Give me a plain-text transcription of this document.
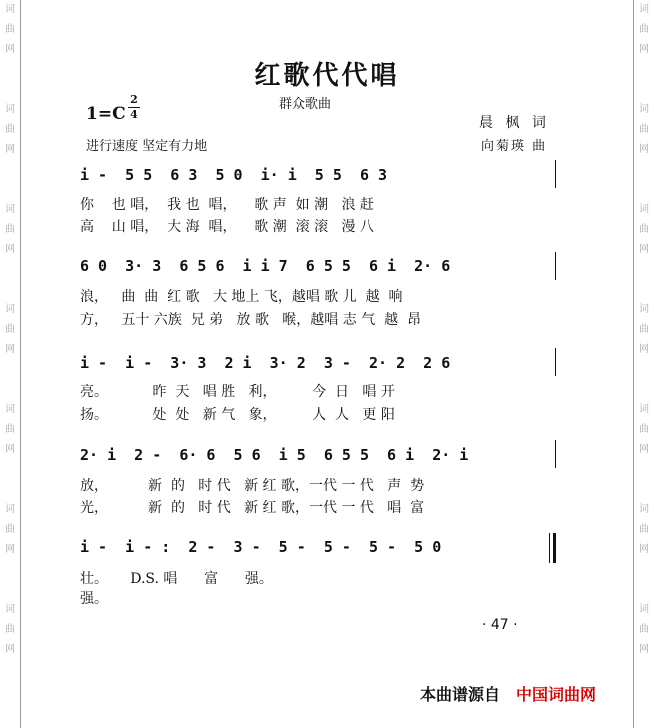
词
曲
网

词
曲
网

词
曲
网

词
曲
网

词
曲
网

词
曲
网

词
曲
网
词
曲
网

词
曲
网

词
曲
网

词
曲
网

词
曲
网

词
曲
网

词
曲
网
红歌代代唱
群众歌曲
1=C
2
4
晨 枫 词
向菊瑛 曲
进行速度 坚定有力地
i -  5 5  6 3  5 0  i· i  5 5  6 3
你    也 唱，  我 也  唱，    歌 声  如 潮   浪 赶
高    山 唱，  大 海  唱，    歌 潮  滚 滚   漫 八
6 0  3· 3  6 5 6  i i 7  6 5 5  6 i  2· 6
浪，   曲  曲  红 歌   大 地上 飞，越唱 歌 儿  越  响
方，   五十 六族  兄 弟   放 歌   喉，越唱 志 气  越  昂
i -  i -  3· 3  2 i  3· 2  3 -  2· 2  2 6
亮。          昨  天   唱 胜   利，        今  日   唱 开
扬。          处  处   新 气   象，        人  人   更 阳
2· i  2 -  6· 6  5 6  i 5  6 5 5  6 i  2· i
放，         新  的   时 代   新 红 歌，一代 一 代   声  势
光，         新  的   时 代   新 红 歌，一代 一 代   唱  富
i -  i - :  2 -  3 -  5 -  5 -  5 -  5 0
壮。     D.S. 唱      富      强。
强。
· 47 ·
本曲谱源自 中国词曲网
